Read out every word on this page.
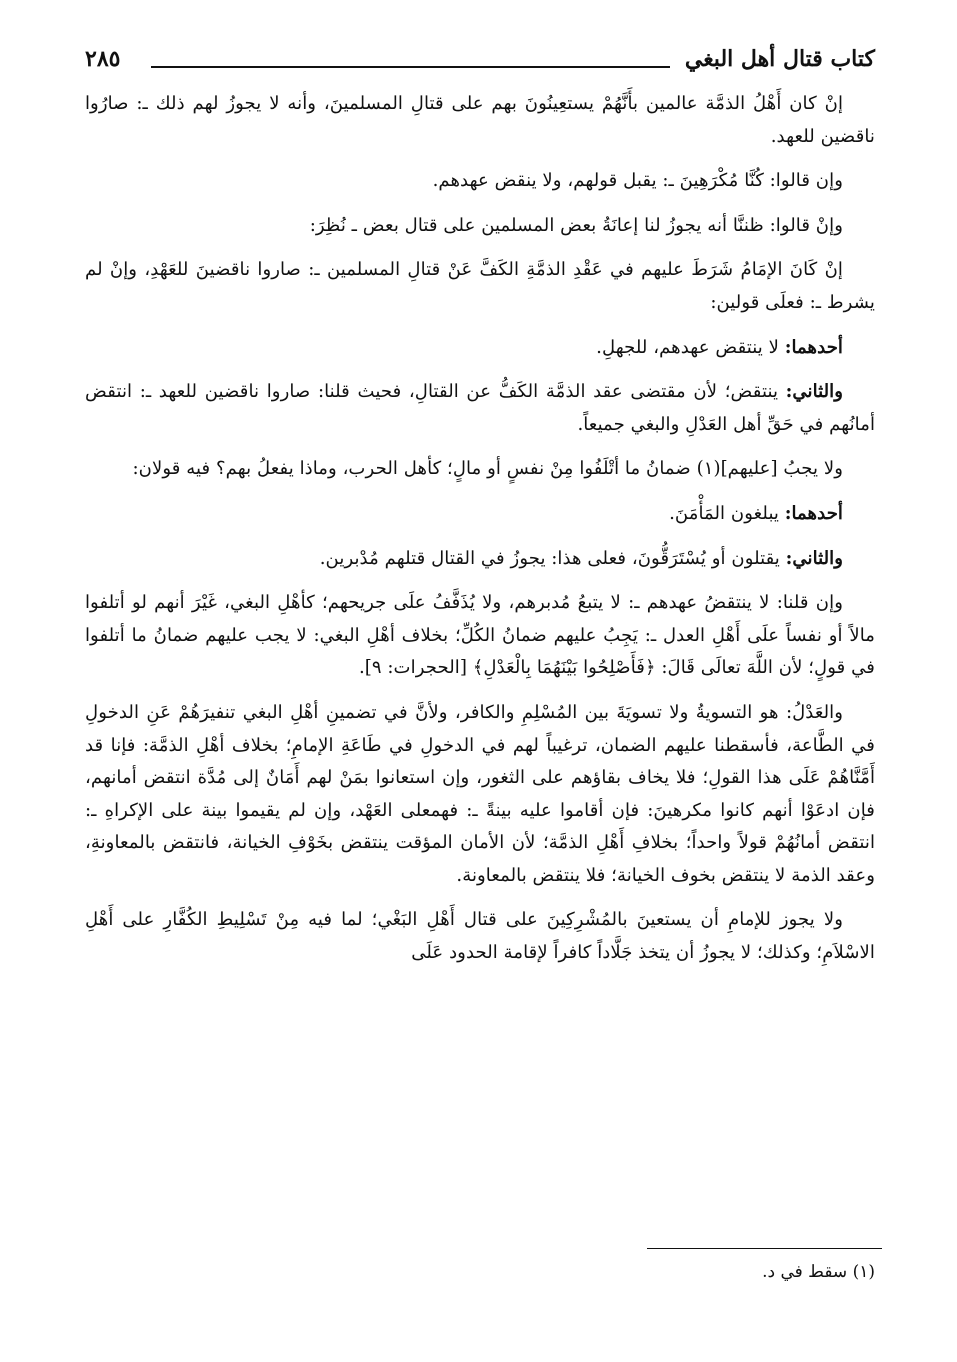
كتاب قتال أهل البغي
٢٨٥

إنْ كان أَهْلُ الذمَّة عالمين بأَنَّهُمْ يستعِينُونَ بهم على قتالِ المسلمينَ، وأنه لا يجوزُ لهم ذلك ـ: صارُوا ناقضين للعهد.

وإن قالوا: كُنَّا مُكْرَهِينَ ـ: يقبل قولهم، ولا ينقض عهدهم.

وإنْ قالوا: ظننَّا أنه يجوزُ لنا إعانَةُ بعض المسلمين على قتال بعض ـ نُظِرَ:

إنْ كَانَ الإمَامُ شَرَطَ عليهم في عَقْدِ الذمَّةِ الكَفَّ عَنْ قتالِ المسلمين ـ: صاروا ناقضينَ للعَهْدِ، وإنْ لم يشرط ـ: فعلَى قولين:

أحدهما: لا ينتقض عهدهم، للجهلِ.

والثاني: ينتقض؛ لأن مقتضى عقد الذمَّة الكَفُّ عن القتالِ، فحيث قلنا: صاروا ناقضين للعهد ـ: انتقض أمانُهم في حَقِّ أهل العَدْلِ والبغي جميعاً.

ولا يجبُ [عليهم](١) ضمانُ ما أتْلَفُوا مِنْ نفسٍ أو مالٍ؛ كأهل الحرب، وماذا يفعلُ بهم؟ فيه قولان:

أحدهما: يبلغون المَأْمَنَ.

والثاني: يقتلون أو يُسْتَرَقُّونَ، فعلى هذا: يجوزُ في القتال قتلهم مُدْبرين.

وإن قلنا: لا ينتقضُ عهدهم ـ: لا يتبعُ مُدبرهم، ولا يُذَفَّفُ علَى جريحهم؛ كأهْلِ البغي، غَيْرَ أنهم لو أتلفوا مالاً أو نفساً علَى أَهْلِ العدل ـ: يَجِبُ عليهم ضمانُ الكُلِّ؛ بخلاف أهْلِ البغي: لا يجب عليهم ضمانُ ما أتلفوا في قولٍ؛ لأن اللَّهَ تعالَى قَالَ: ﴿فَأَصْلِحُوا بَيْنَهُمَا بِالْعَدْلِ﴾ [الحجرات: ٩].

والعَدْلُ: هو التسويةُ ولا تسويَةَ بين المُسْلِمِ والكافر، ولأنَّ في تضمينِ أهْلِ البغي تنفيرَهُمْ عَنِ الدخولِ في الطَّاعة، فأسقطنا عليهم الضمان، ترغيباً لهم في الدخولِ في طَاعَةِ الإمامِ؛ بخلاف أهْلِ الذمَّة: فإنا قد أَمَّنَّاهُمْ عَلَى هذا القولِ؛ فلا يخاف بقاؤهم على الثغور، وإن استعانوا بمَنْ لهم أَمَانٌ إلى مُدَّة انتقض أمانهم، فإن ادعَوْا أنهم كانوا مكرهينَ: فإن أقاموا عليه بينةً ـ: فهمعلى العَهْد، وإن لم يقيموا بينة على الإكراهِ ـ: انتقض أمانُهُمْ قولاً واحداً؛ بخلافِ أَهْلِ الذمَّة؛ لأن الأمان المؤقت ينتقض بخَوْفِ الخيانة، فانتقض بالمعاونةِ، وعقد الذمة لا ينتقض بخوف الخيانة؛ فلا ينتقض بالمعاونة.

ولا يجوز للإمامِ أن يستعينَ بالمُشْرِكِينَ على قتال أَهْلِ البَغْي؛ لما فيه مِنْ تَسْلِيطِ الكُفَّارِ على أَهْلِ الاسْلاَمِ؛ وكذلك؛ لا يجوزُ أن يتخذ جَلَّاداً كافراً لإقامة الحدود عَلَى

(١) سقط في د.
